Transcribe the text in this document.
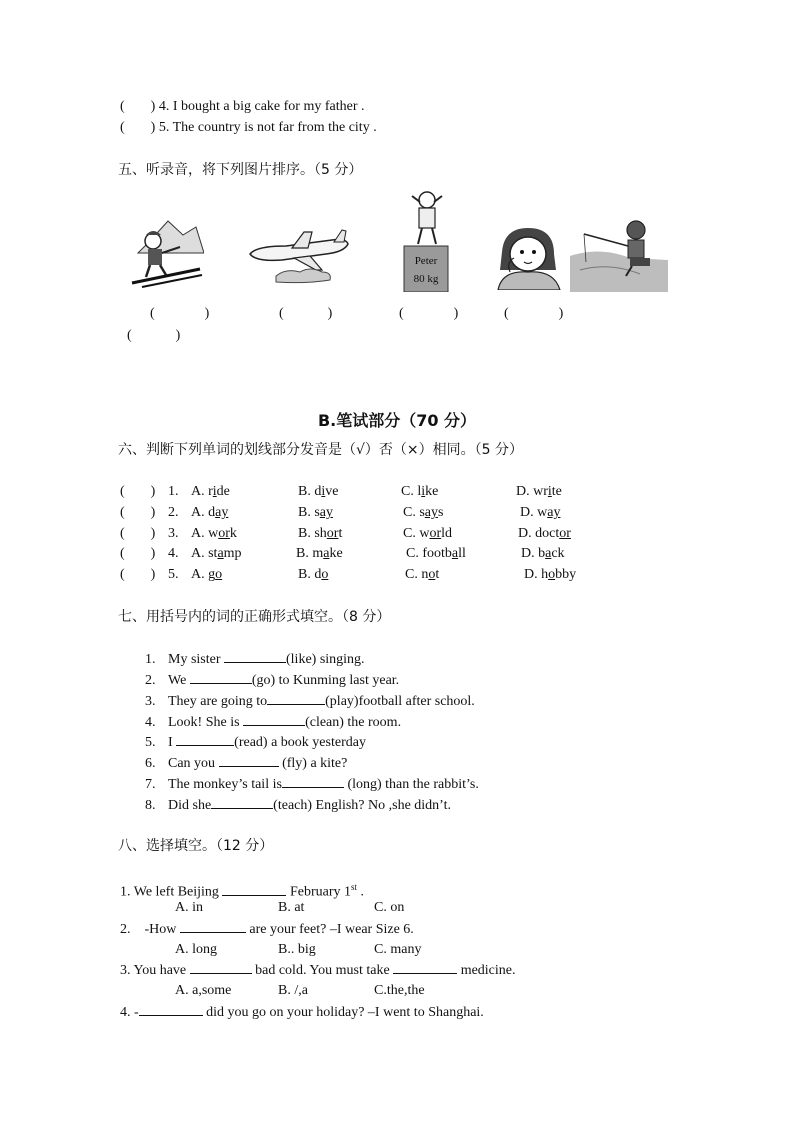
( ) 4. I bought a big cake for my father .
( ) 5. The country is not far from the city .
五、听录音，将下列图片排序。（5 分）
Peter
80 kg
(	)	(	)	(	)	(	)
(	)
B.笔试部分（70 分）
六、判断下列单词的划线部分发音是（√）否（×）相同。（5 分）
( ) 1. A. ride	B. dive	C. like	D. write
( ) 2. A. day	B. say	C. says	D. way
( ) 3. A. work	B. short	C. world	D. doctor
( ) 4. A. stamp	B. make	C. football	D. back
( ) 5. A. go	B. do	C. not	D. hobby
七、用括号内的词的正确形式填空。（8 分）
1. My sister	(like) singing.
2. We	(go) to Kunming last year.
3. They are going to	(play)football after school.
4. Look! She is	(clean) the room.
5. I	(read) a book yesterday
6. Can you	(fly) a kite?
7. The monkey’s tail is	(long) than the rabbit’s.
8. Did she	(teach) English? No ,she didn’t.
八、选择填空。（12 分）
1. We left Beijing	February 1st .
A. in	B. at	C. on
2. -How	are your feet? –I wear Size 6.
A. long	B.. big	C. many
3. You have	bad cold. You must take	medicine.
A. a,some	B. /,a	C.the,the
4. -	did you go on your holiday? –I went to Shanghai.
